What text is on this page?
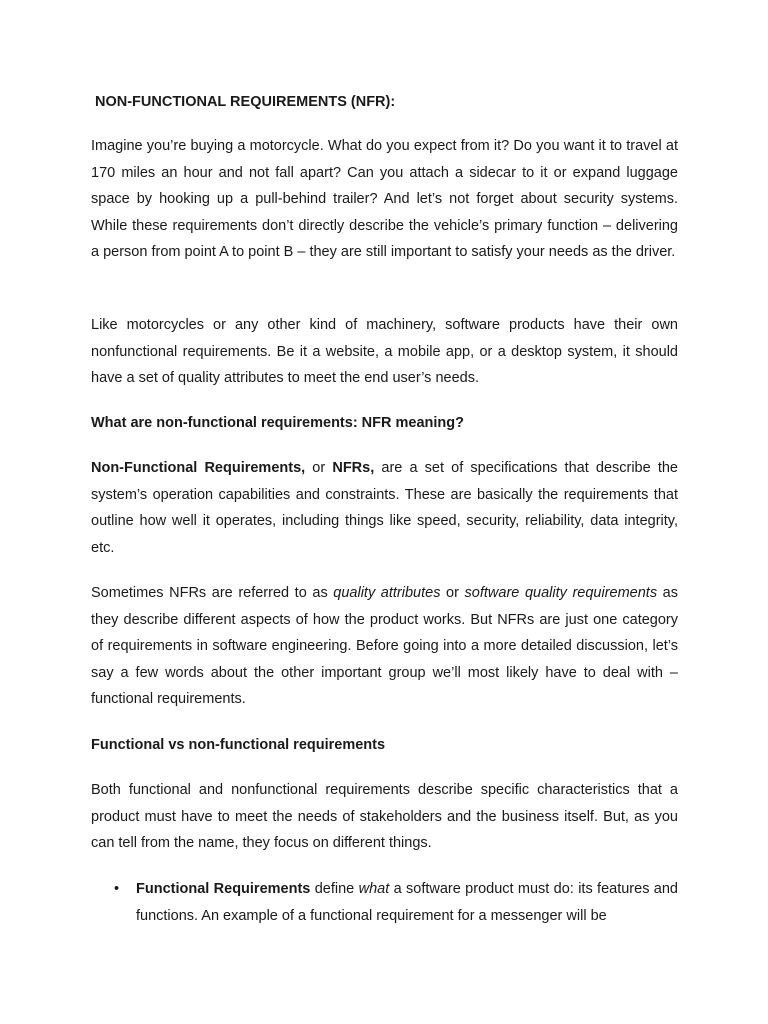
NON-FUNCTIONAL REQUIREMENTS (NFR):

Imagine you’re buying a motorcycle. What do you expect from it? Do you want it to travel at 170 miles an hour and not fall apart? Can you attach a sidecar to it or expand luggage space by hooking up a pull-behind trailer? And let’s not forget about security systems. While these requirements don’t directly describe the vehicle’s primary function – delivering a person from point A to point B – they are still important to satisfy your needs as the driver.

Like motorcycles or any other kind of machinery, software products have their own nonfunctional requirements. Be it a website, a mobile app, or a desktop system, it should have a set of quality attributes to meet the end user’s needs.

What are non-functional requirements: NFR meaning?

Non-Functional Requirements, or NFRs, are a set of specifications that describe the system’s operation capabilities and constraints. These are basically the requirements that outline how well it operates, including things like speed, security, reliability, data integrity, etc.

Sometimes NFRs are referred to as quality attributes or software quality requirements as they describe different aspects of how the product works. But NFRs are just one category of requirements in software engineering. Before going into a more detailed discussion, let’s say a few words about the other important group we’ll most likely have to deal with – functional requirements.

Functional vs non-functional requirements

Both functional and nonfunctional requirements describe specific characteristics that a product must have to meet the needs of stakeholders and the business itself. But, as you can tell from the name, they focus on different things.

• Functional Requirements define what a software product must do: its features and functions. An example of a functional requirement for a messenger will be
